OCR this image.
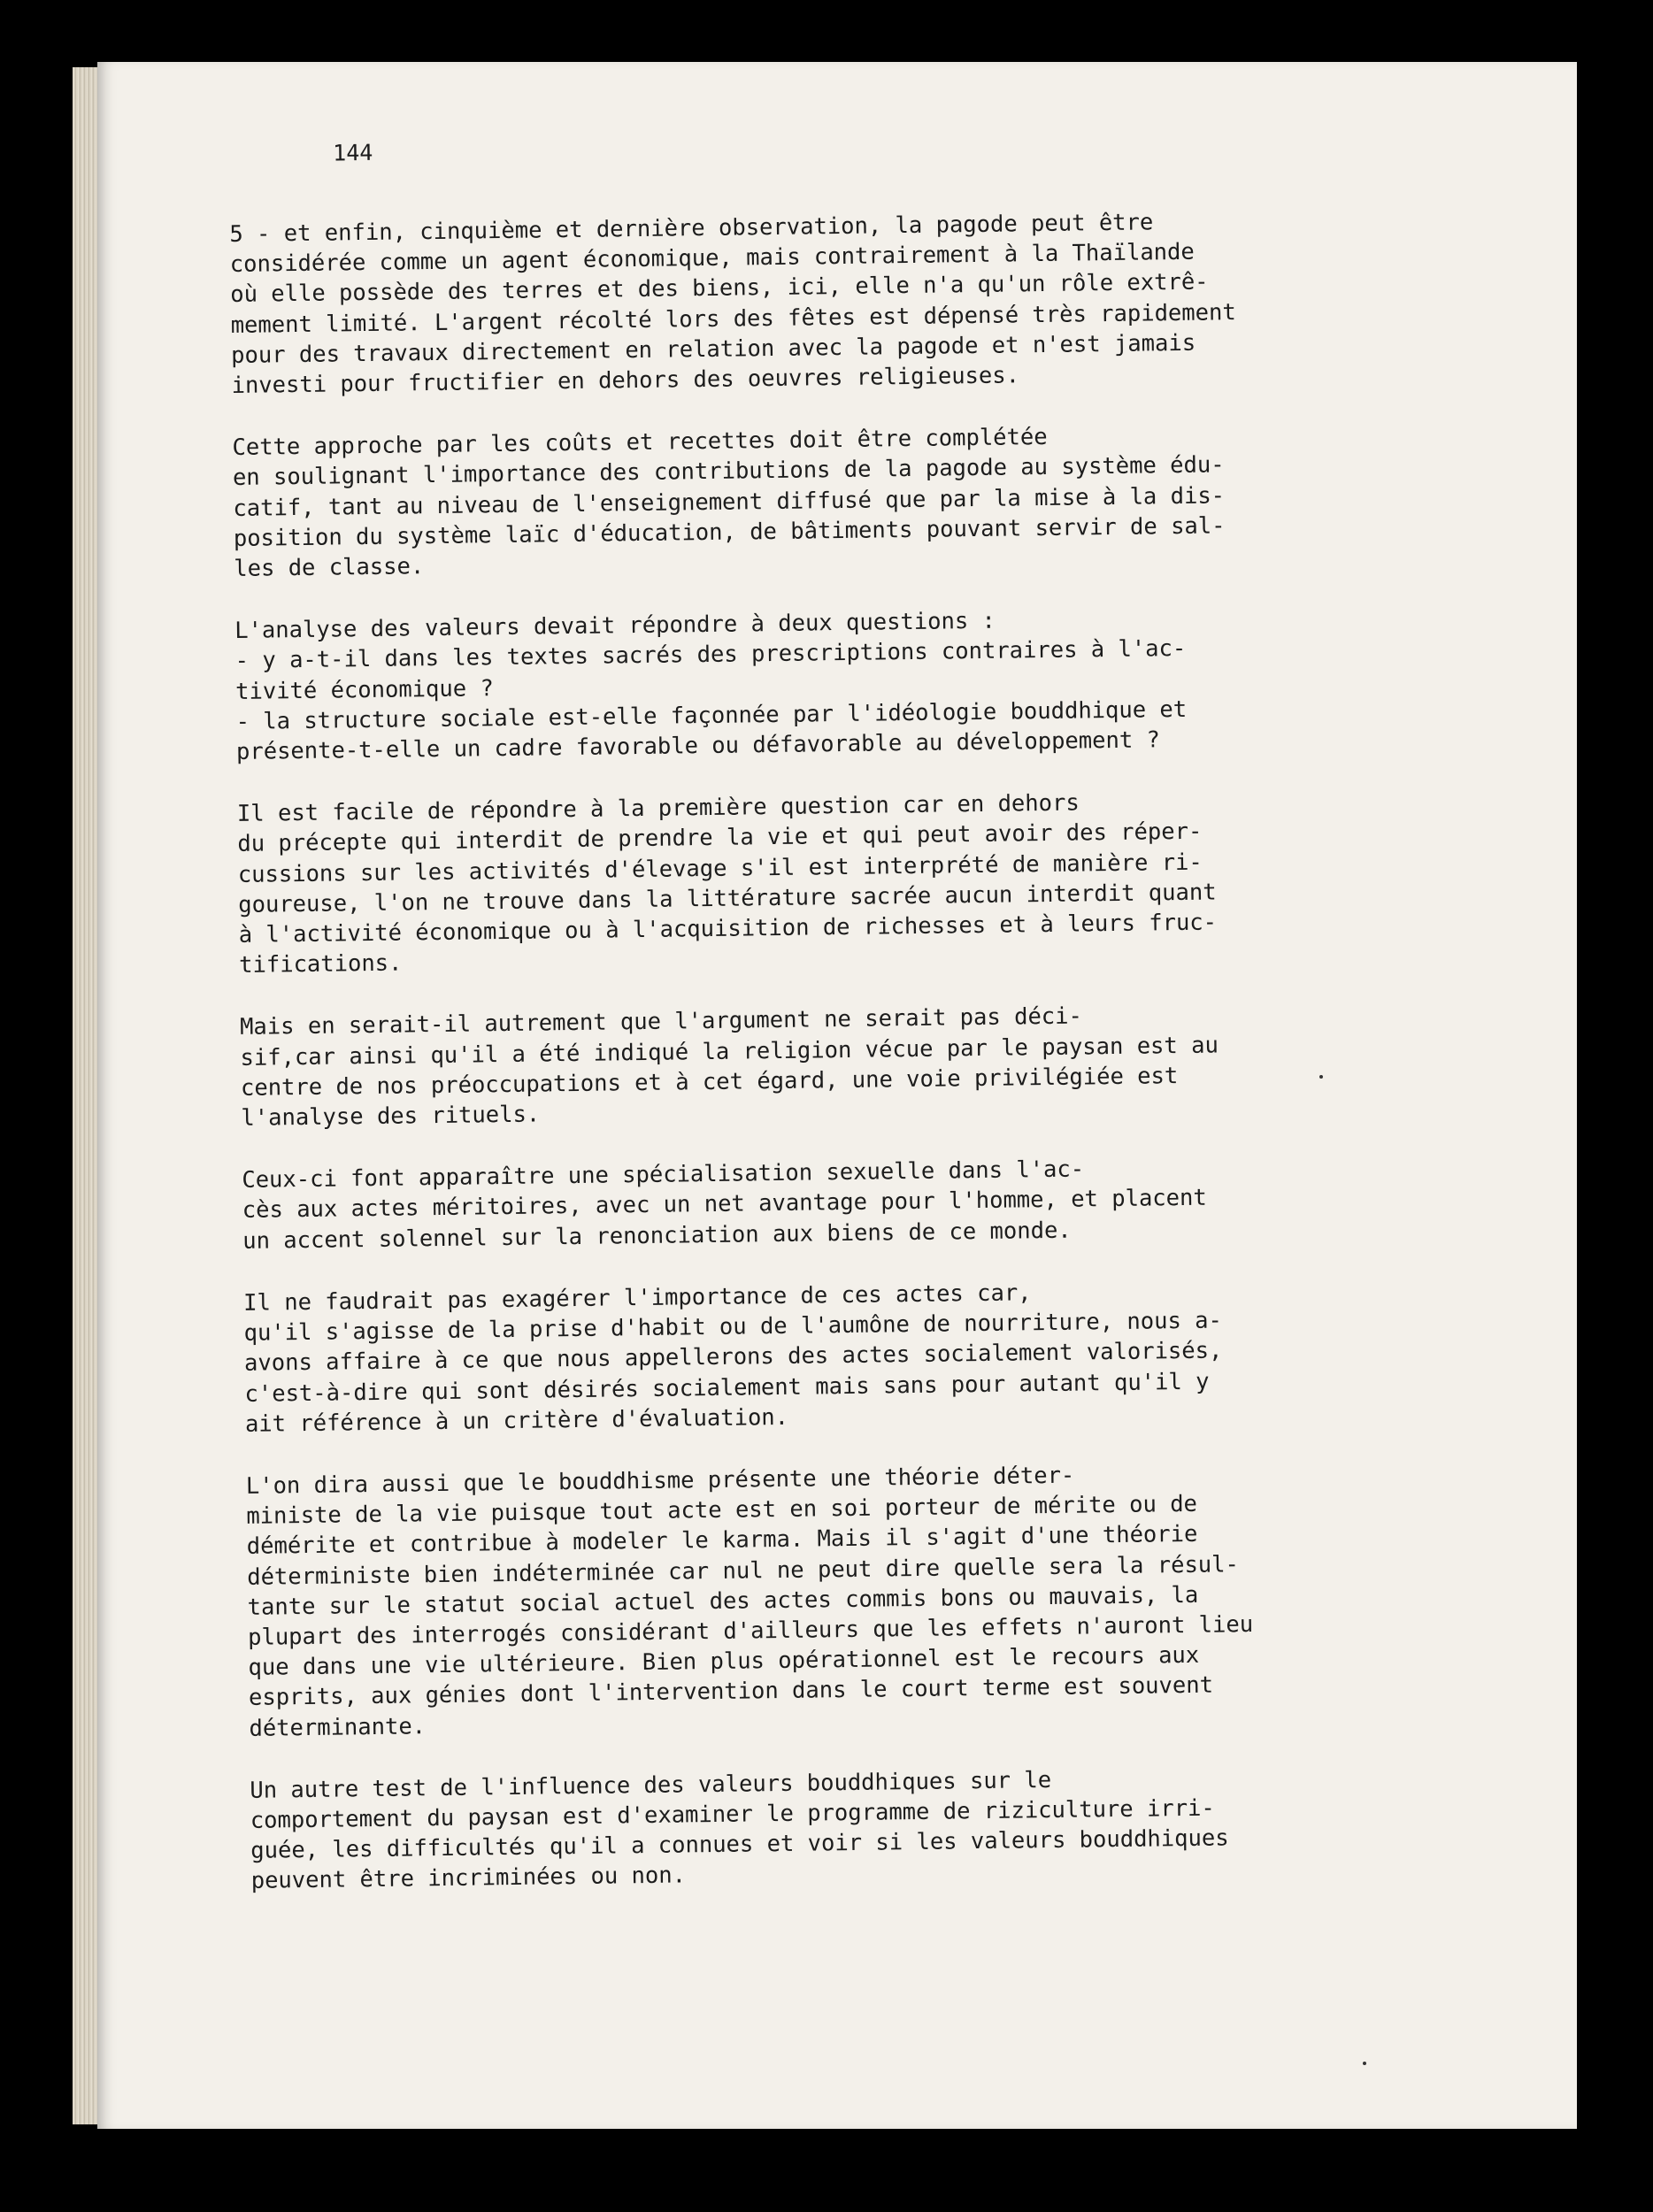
144

5 - et enfin, cinquième et dernière observation, la pagode peut être
considérée comme un agent économique, mais contrairement à la Thaïlande
où elle possède des terres et des biens, ici, elle n'a qu'un rôle extrê-
mement limité. L'argent récolté lors des fêtes est dépensé très rapidement
pour des travaux directement en relation avec la pagode et n'est jamais
investi pour fructifier en dehors des oeuvres religieuses.

Cette approche par les coûts et recettes doit être complétée
en soulignant l'importance des contributions de la pagode au système édu-
catif, tant au niveau de l'enseignement diffusé que par la mise à la dis-
position du système laïc d'éducation, de bâtiments pouvant servir de sal-
les de classe.

L'analyse des valeurs devait répondre à deux questions :

- y a-t-il dans les textes sacrés des prescriptions contraires à l'ac-
tivité économique ?

- la structure sociale est-elle façonnée par l'idéologie bouddhique et
présente-t-elle un cadre favorable ou défavorable au développement ?

Il est facile de répondre à la première question car en dehors
du précepte qui interdit de prendre la vie et qui peut avoir des réper-
cussions sur les activités d'élevage s'il est interprété de manière ri-
goureuse, l'on ne trouve dans la littérature sacrée aucun interdit quant
à l'activité économique ou à l'acquisition de richesses et à leurs fruc-
tifications.

Mais en serait-il autrement que l'argument ne serait pas déci-
sif,car ainsi qu'il a été indiqué la religion vécue par le paysan est au
centre de nos préoccupations et à cet égard, une voie privilégiée est
l'analyse des rituels.

Ceux-ci font apparaître une spécialisation sexuelle dans l'ac-
cès aux actes méritoires, avec un net avantage pour l'homme, et placent
un accent solennel sur la renonciation aux biens de ce monde.

Il ne faudrait pas exagérer l'importance de ces actes car,
qu'il s'agisse de la prise d'habit ou de l'aumône de nourriture, nous a-
avons affaire à ce que nous appellerons des actes socialement valorisés,
c'est-à-dire qui sont désirés socialement mais sans pour autant qu'il y
ait référence à un critère d'évaluation.

L'on dira aussi que le bouddhisme présente une théorie déter-
ministe de la vie puisque tout acte est en soi porteur de mérite ou de
démérite et contribue à modeler le karma. Mais il s'agit d'une théorie
déterministe bien indéterminée car nul ne peut dire quelle sera la résul-
tante sur le statut social actuel des actes commis bons ou mauvais, la
plupart des interrogés considérant d'ailleurs que les effets n'auront lieu
que dans une vie ultérieure. Bien plus opérationnel est le recours aux
esprits, aux génies dont l'intervention dans le court terme est souvent
déterminante.

Un autre test de l'influence des valeurs bouddhiques sur le
comportement du paysan est d'examiner le programme de riziculture irri-
guée, les difficultés qu'il a connues et voir si les valeurs bouddhiques
peuvent être incriminées ou non.
